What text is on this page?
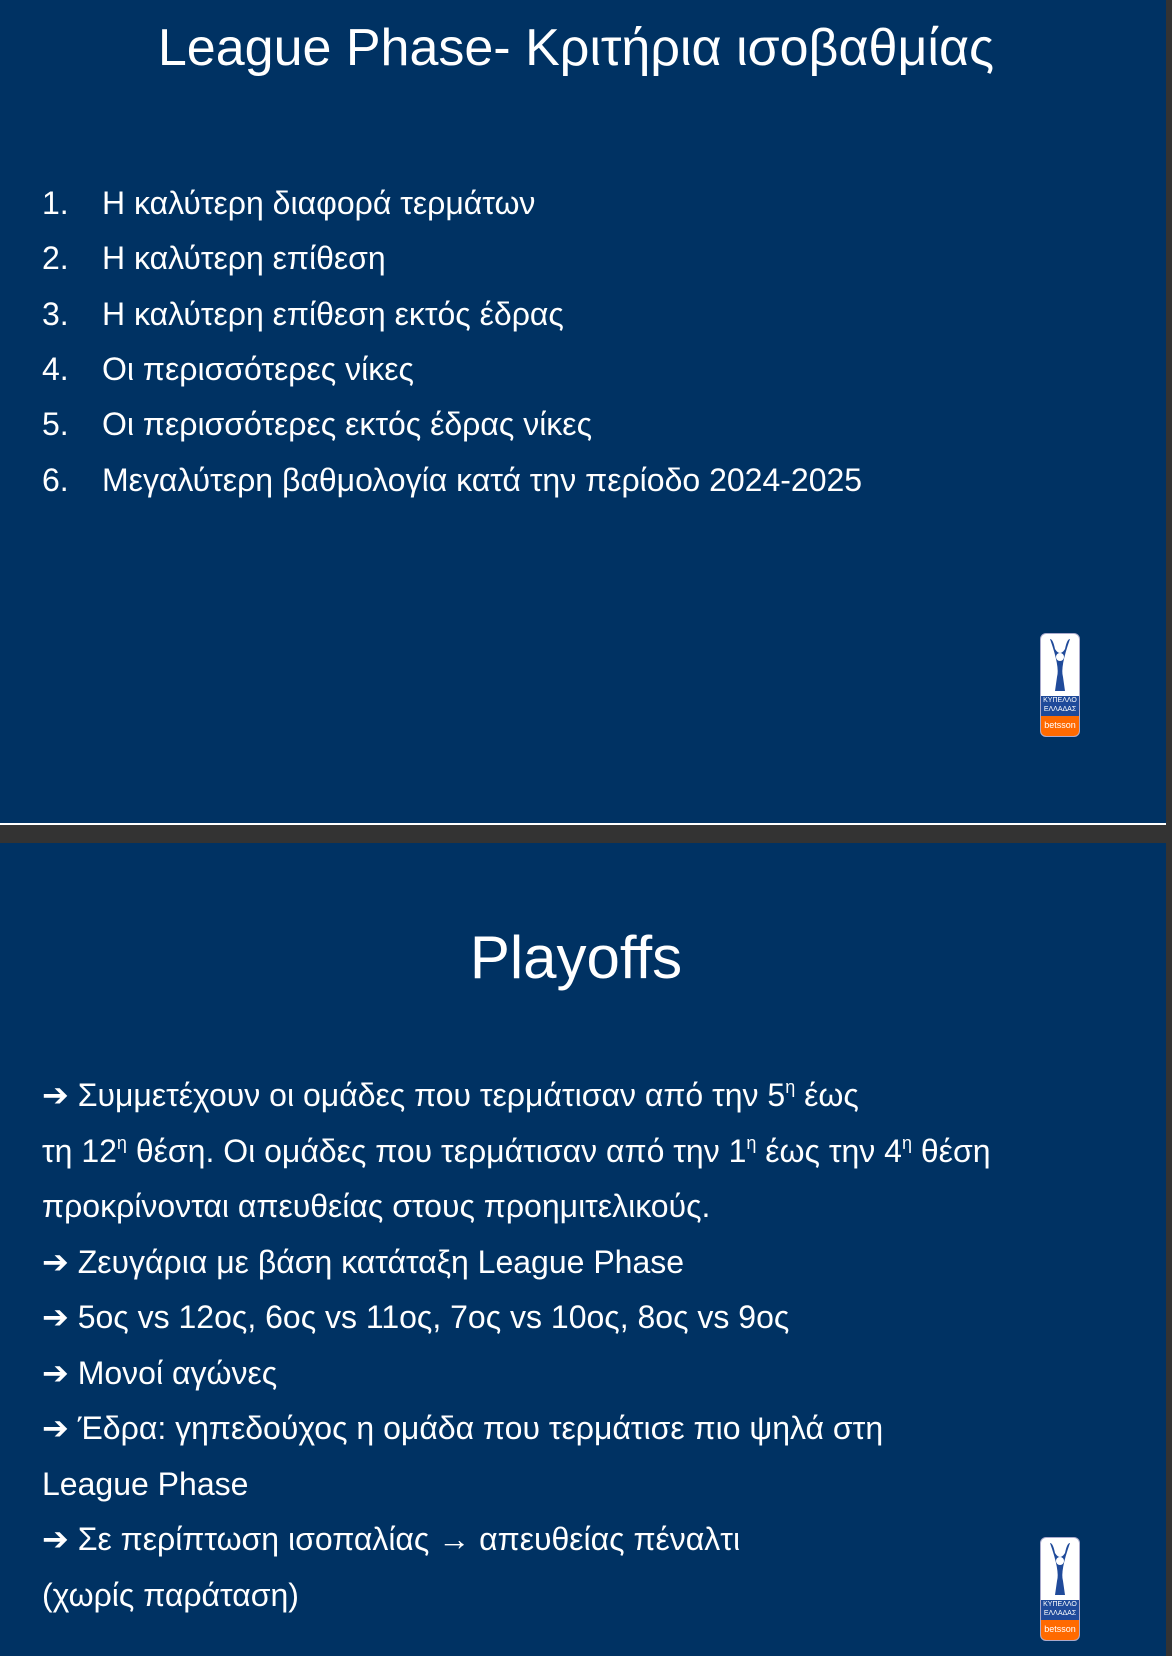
League Phase- Κριτήρια ισοβαθμίας
1. Η καλύτερη διαφορά τερμάτων
2. Η καλύτερη επίθεση
3. Η καλύτερη επίθεση εκτός έδρας
4. Οι περισσότερες νίκες
5. Οι περισσότερες εκτός έδρας νίκες
6. Μεγαλύτερη βαθμολογία κατά την περίοδο 2024-2025
ΚΥΠΕΛΛΟ
ΕΛΛΑΔΑΣ
betsson
Playoffs
➔ Συμμετέχουν οι ομάδες που τερμάτισαν από την $5^\eta$ έως
τη $12^\eta$ θέση. Οι ομάδες που τερμάτισαν από την $1^\eta$ έως την $4^\eta$ θέση
προκρίνονται απευθείας στους προημιτελικούς.
➔ Ζευγάρια με βάση κατάταξη League Phase
➔ 5ος vs 12ος, 6ος vs 11ος, 7ος vs 10ος, 8ος vs 9ος
➔ Μονοί αγώνες
➔ Έδρα: γηπεδούχος η ομάδα που τερμάτισε πιο ψηλά στη
League Phase
➔ Σε περίπτωση ισοπαλίας → απευθείας πέναλτι
(χωρίς παράταση)	ΚΥΠΕΛΛΟ
ΕΛΛΑΔΑΣ
betsson
